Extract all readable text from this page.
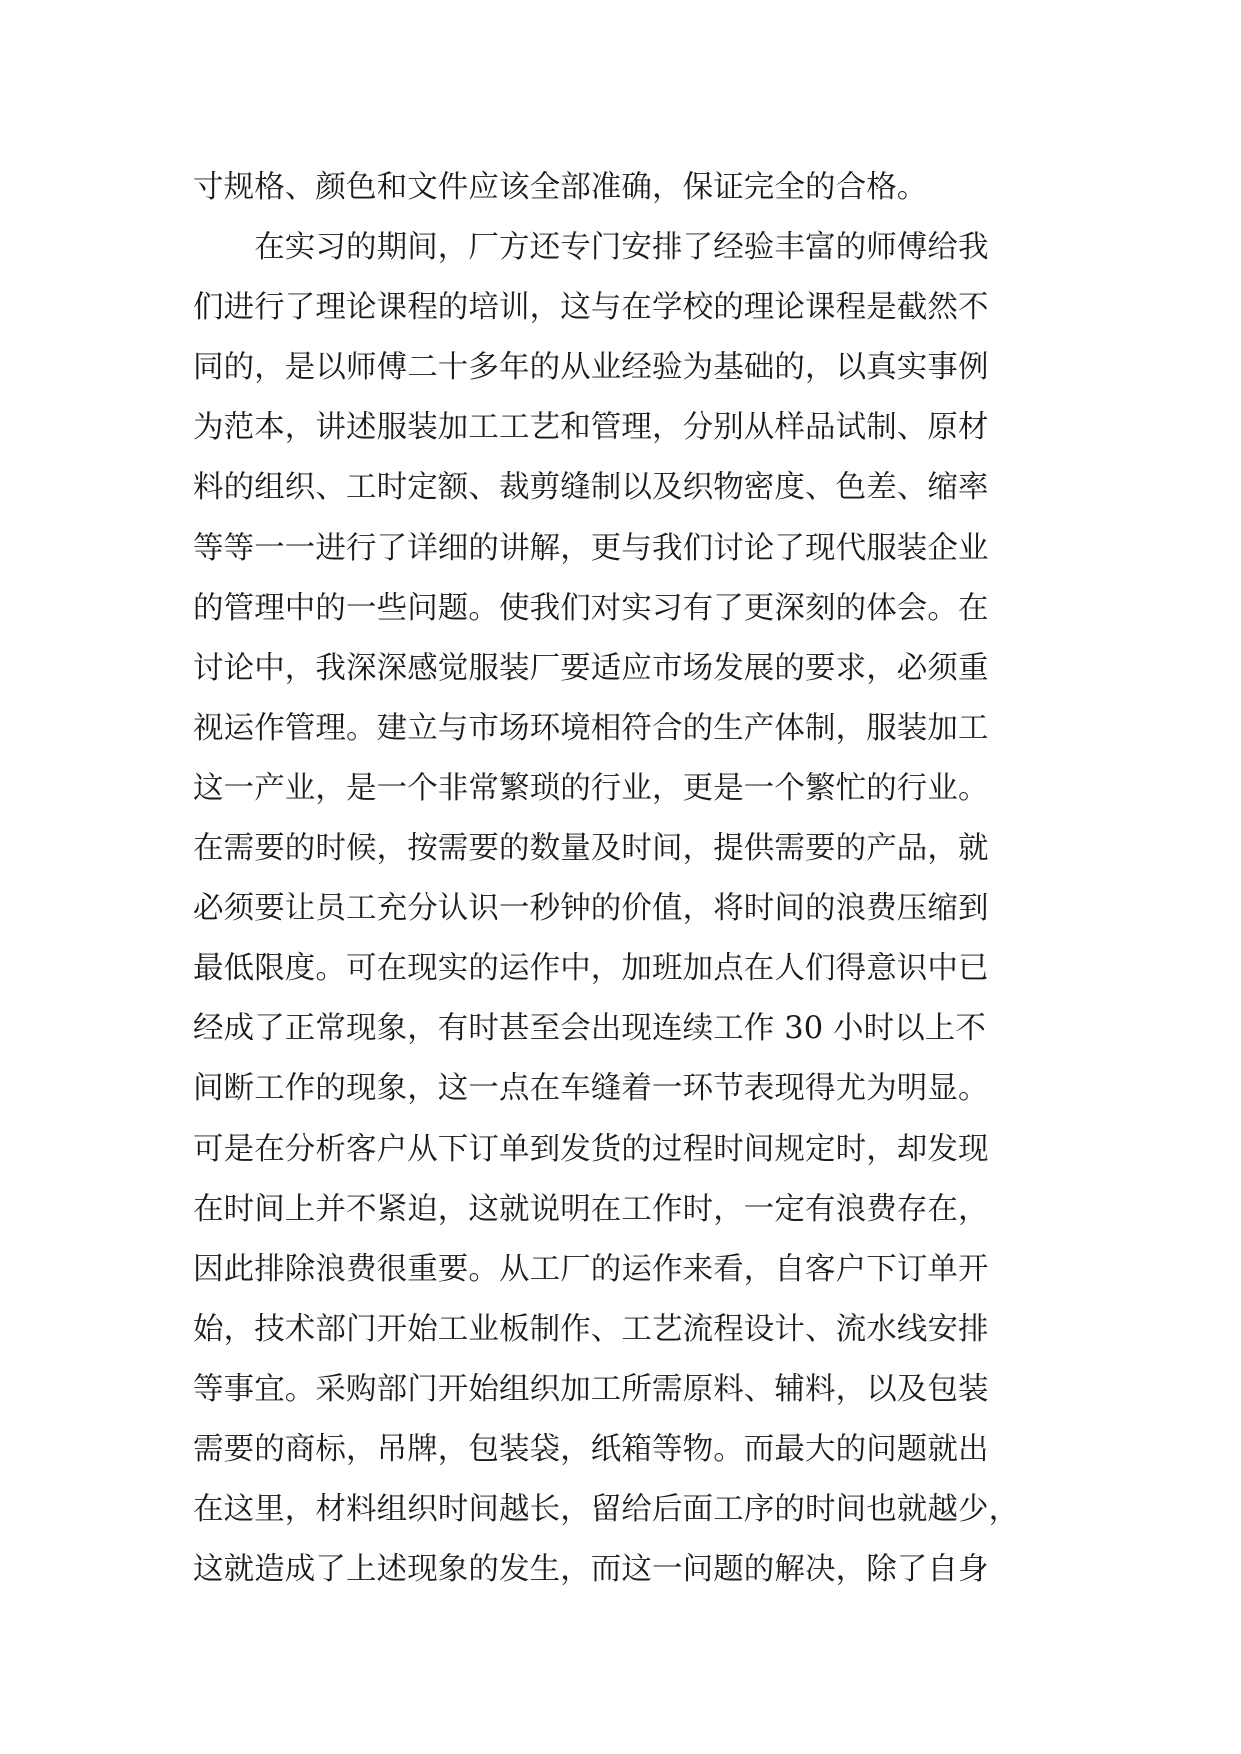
寸规格、颜色和文件应该全部准确，保证完全的合格。
　　在实习的期间，厂方还专门安排了经验丰富的师傅给我
们进行了理论课程的培训，这与在学校的理论课程是截然不
同的，是以师傅二十多年的从业经验为基础的，以真实事例
为范本，讲述服装加工工艺和管理，分别从样品试制、原材
料的组织、工时定额、裁剪缝制以及织物密度、色差、缩率
等等一一进行了详细的讲解，更与我们讨论了现代服装企业
的管理中的一些问题。使我们对实习有了更深刻的体会。在
讨论中，我深深感觉服装厂要适应市场发展的要求，必须重
视运作管理。建立与市场环境相符合的生产体制，服装加工
这一产业，是一个非常繁琐的行业，更是一个繁忙的行业。
在需要的时候，按需要的数量及时间，提供需要的产品，就
必须要让员工充分认识一秒钟的价值，将时间的浪费压缩到
最低限度。可在现实的运作中，加班加点在人们得意识中已
经成了正常现象，有时甚至会出现连续工作 30 小时以上不
间断工作的现象，这一点在车缝着一环节表现得尤为明显。
可是在分析客户从下订单到发货的过程时间规定时，却发现
在时间上并不紧迫，这就说明在工作时，一定有浪费存在，
因此排除浪费很重要。从工厂的运作来看，自客户下订单开
始，技术部门开始工业板制作、工艺流程设计、流水线安排
等事宜。采购部门开始组织加工所需原料、辅料，以及包装
需要的商标，吊牌，包装袋，纸箱等物。而最大的问题就出
在这里，材料组织时间越长，留给后面工序的时间也就越少，
这就造成了上述现象的发生，而这一问题的解决，除了自身
